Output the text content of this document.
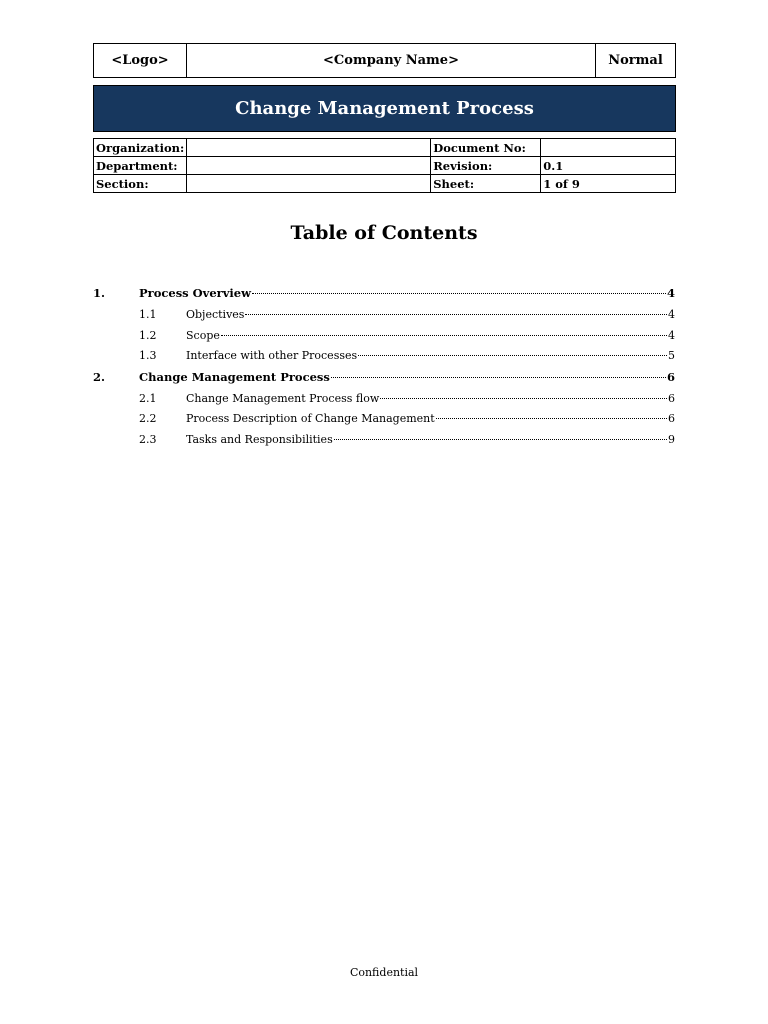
<Logo>	<Company Name>	Normal
Change Management Process
Organization:		Document No:	
Department:		Revision:	0.1
Section:		Sheet:	1 of 9
Table of Contents
1.	Process Overview	4
1.1	Objectives	4
1.2	Scope	4
1.3	Interface with other Processes	5
2.	Change Management Process	6
2.1	Change Management Process flow	6
2.2	Process Description of Change Management	6
2.3	Tasks and Responsibilities	9
Confidential
